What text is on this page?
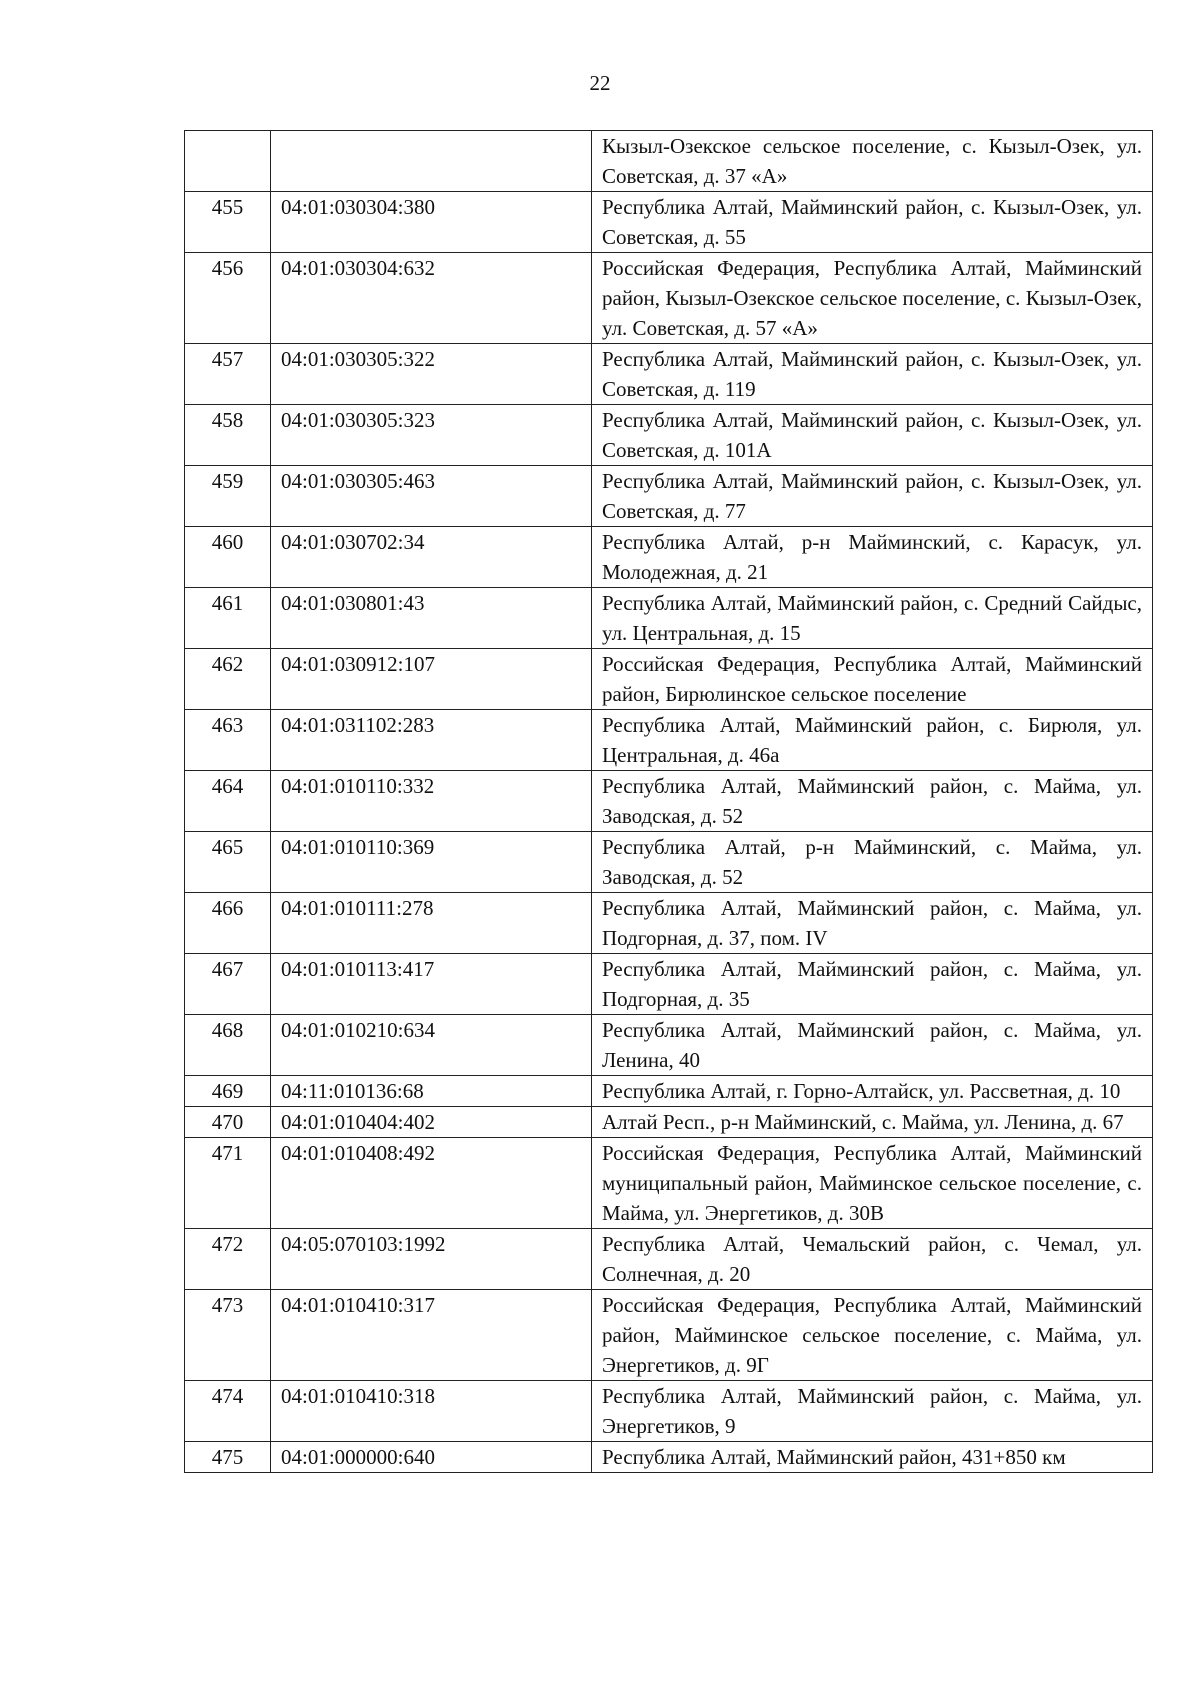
22
		Кызыл-Озекское сельское поселение, с. Кызыл-Озек, ул. Советская, д. 37 «А»
455	04:01:030304:380	Республика Алтай, Майминский район, с. Кызыл-Озек, ул. Советская, д. 55
456	04:01:030304:632	Российская Федерация, Республика Алтай, Майминский район, Кызыл-Озекское сельское поселение, с. Кызыл-Озек, ул. Советская, д. 57 «А»
457	04:01:030305:322	Республика Алтай, Майминский район, с. Кызыл-Озек, ул. Советская, д. 119
458	04:01:030305:323	Республика Алтай, Майминский район, с. Кызыл-Озек, ул. Советская, д. 101А
459	04:01:030305:463	Республика Алтай, Майминский район, с. Кызыл-Озек, ул. Советская, д. 77
460	04:01:030702:34	Республика Алтай, р-н Майминский, с. Карасук, ул. Молодежная, д. 21
461	04:01:030801:43	Республика Алтай, Майминский район, с. Средний Сайдыс, ул. Центральная, д. 15
462	04:01:030912:107	Российская Федерация, Республика Алтай, Майминский район, Бирюлинское сельское поселение
463	04:01:031102:283	Республика Алтай, Майминский район, с. Бирюля, ул. Центральная, д. 46а
464	04:01:010110:332	Республика Алтай, Майминский район, с. Майма, ул. Заводская, д. 52
465	04:01:010110:369	Республика Алтай, р-н Майминский, с. Майма, ул. Заводская, д. 52
466	04:01:010111:278	Республика Алтай, Майминский район, с. Майма, ул. Подгорная, д. 37, пом. IV
467	04:01:010113:417	Республика Алтай, Майминский район, с. Майма, ул. Подгорная, д. 35
468	04:01:010210:634	Республика Алтай, Майминский район, с. Майма, ул. Ленина, 40
469	04:11:010136:68	Республика Алтай, г. Горно-Алтайск, ул. Рассветная, д. 10
470	04:01:010404:402	Алтай Респ., р-н Майминский, с. Майма, ул. Ленина, д. 67
471	04:01:010408:492	Российская Федерация, Республика Алтай, Майминский муниципальный район, Майминское сельское поселение, с. Майма, ул. Энергетиков, д. 30В
472	04:05:070103:1992	Республика Алтай, Чемальский район, с. Чемал, ул. Солнечная, д. 20
473	04:01:010410:317	Российская Федерация, Республика Алтай, Майминский район, Майминское сельское поселение, с. Майма, ул. Энергетиков, д. 9Г
474	04:01:010410:318	Республика Алтай, Майминский район, с. Майма, ул. Энергетиков, 9
475	04:01:000000:640	Республика Алтай, Майминский район, 431+850 км
